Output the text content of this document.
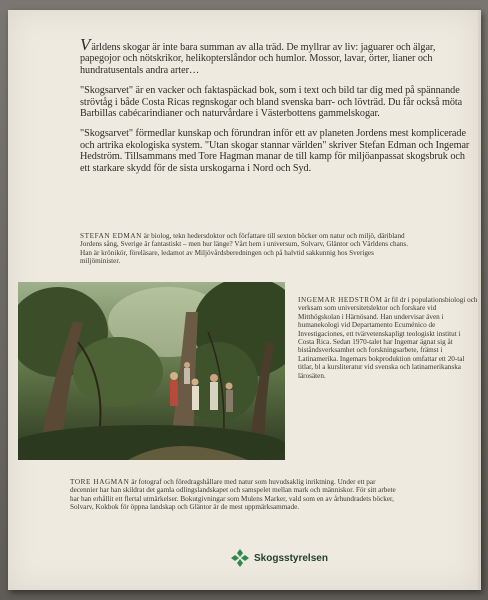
Världens skogar är inte bara summan av alla träd. De myllrar av liv: jaguarer och älgar, papegojor och nötskrikor, helikopterslåndor och humlor. Mossor, lavar, örter, lianer och hundratusentals andra arter…

"Skogsarvet" är en vacker och faktaspäckad bok, som i text och bild tar dig med på spännande strövtåg i både Costa Ricas regnskogar och bland svenska barr- och lövträd. Du får också möta Barbillas cabécarindianer och naturvårdare i Västerbottens gammelskogar.

"Skogsarvet" förmedlar kunskap och förundran inför ett av planeten Jordens mest komplicerade och artrika ekologiska system. "Utan skogar stannar världen" skriver Stefan Edman och Ingemar Hedström. Tillsammans med Tore Hagman manar de till kamp för miljöanpassat skogsbruk och ett starkare skydd för de sista urskogarna i Nord och Syd.

STEFAN EDMAN är biolog, tekn hedersdoktor och författare till sexton böcker om natur och miljö, däribland Jordens sång, Sverige är fantastiskt – men hur länge? Vårt hem i universum, Solvarv, Gläntor och Världens chans. Han är krönikör, föreläsare, ledamot av Miljövårdsberedningen och på halvtid sakkunnig hos Sveriges miljöminister.
INGEMAR HEDSTRÖM är fil dr i populationsbiologi och verksam som universitetslektor och forskare vid Mitthögskolan i Härnösand. Han undervisar även i humanekologi vid Departamento Ecuménico de Investigaciones, ett tvärvetenskapligt teologiskt institut i Costa Rica. Sedan 1970-talet har Ingemar ägnat sig åt biståndsverksamhet och forskningsarbete, främst i Latinamerika. Ingemars bokproduktion omfattar ett 20-tal titlar, bl a kursliteratur vid svenska och latinamerikanska lärosäten.
TORE HAGMAN är fotograf och föredragshållare med natur som huvudsaklig inriktning. Under ett par decennier har han skildrat det gamla odlingslandskapet och samspelet mellan mark och människor. För sitt arbete har han erhållit ett flertal utmärkelser. Bokutgivningar som Mulens Marker, vald som en av århundradets böcker, Solvarv, Kokbok för öppna landskap och Gläntor är de mest uppmärksammade.
Skogsstyrelsen
